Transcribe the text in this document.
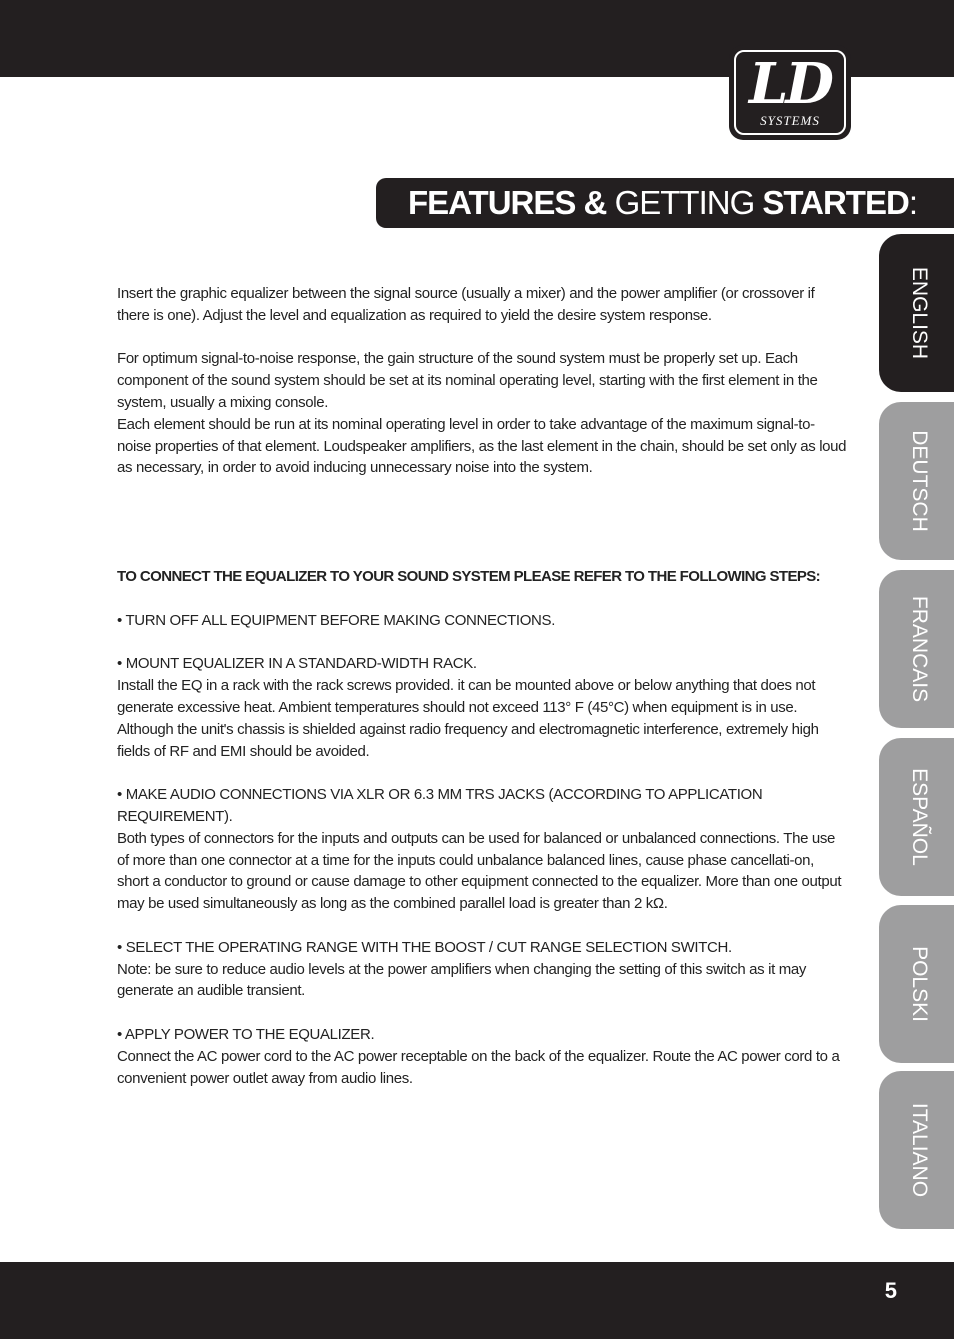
LD
SYSTEMS
FEATURES & GETTING STARTED:

Insert the graphic equalizer between the signal source (usually a mixer) and the power amplifier (or crossover if there is one). Adjust the level and equalization as required to yield the desire system response.

For optimum signal-to-noise response, the gain structure of the sound system must be properly set up. Each component of the sound system should be set at its nominal operating level, starting with the first element in the system, usually a mixing console.

Each element should be run at its nominal operating level in order to take advantage of the maximum signal-to-noise properties of that element. Loudspeaker amplifiers, as the last element in the chain, should be set only as loud as necessary, in order to avoid inducing unnecessary noise into the system.

TO CONNECT THE EQUALIZER TO YOUR SOUND SYSTEM PLEASE REFER TO THE FOLLOWING STEPS:

• TURN OFF ALL EQUIPMENT BEFORE MAKING CONNECTIONS.

• MOUNT EQUALIZER IN A STANDARD-WIDTH RACK.

Install the EQ in a rack with the rack screws provided. it can be mounted above or below anything that does not generate excessive heat. Ambient temperatures should not exceed 113° F (45°C) when equipment is in use. Although the unit's chassis is shielded against radio frequency and electromagnetic interference, extremely high fields of RF and EMI should be avoided.

• MAKE AUDIO CONNECTIONS VIA XLR OR 6.3 MM TRS JACKS (ACCORDING TO APPLICATION REQUIREMENT).

Both types of connectors for the inputs and outputs can be used for balanced or unbalanced connections. The use of more than one connector at a time for the inputs could unbalance balanced lines, cause phase cancellati-on, short a conductor to ground or cause damage to other equipment connected to the equalizer. More than one output may be used simultaneously as long as the combined parallel load is greater than 2 kΩ.

• SELECT THE OPERATING RANGE WITH THE BOOST / CUT RANGE SELECTION SWITCH.

Note: be sure to reduce audio levels at the power amplifiers when changing the setting of this switch as it may generate an audible transient.

• APPLY POWER TO THE EQUALIZER.

Connect the AC power cord to the AC power receptable on the back of the equalizer. Route the AC power cord to a convenient power outlet away from audio lines.

ENGLISH
DEUTSCH
FRANCAIS
ESPAÑOL
POLSKI
ITALIANO
5
